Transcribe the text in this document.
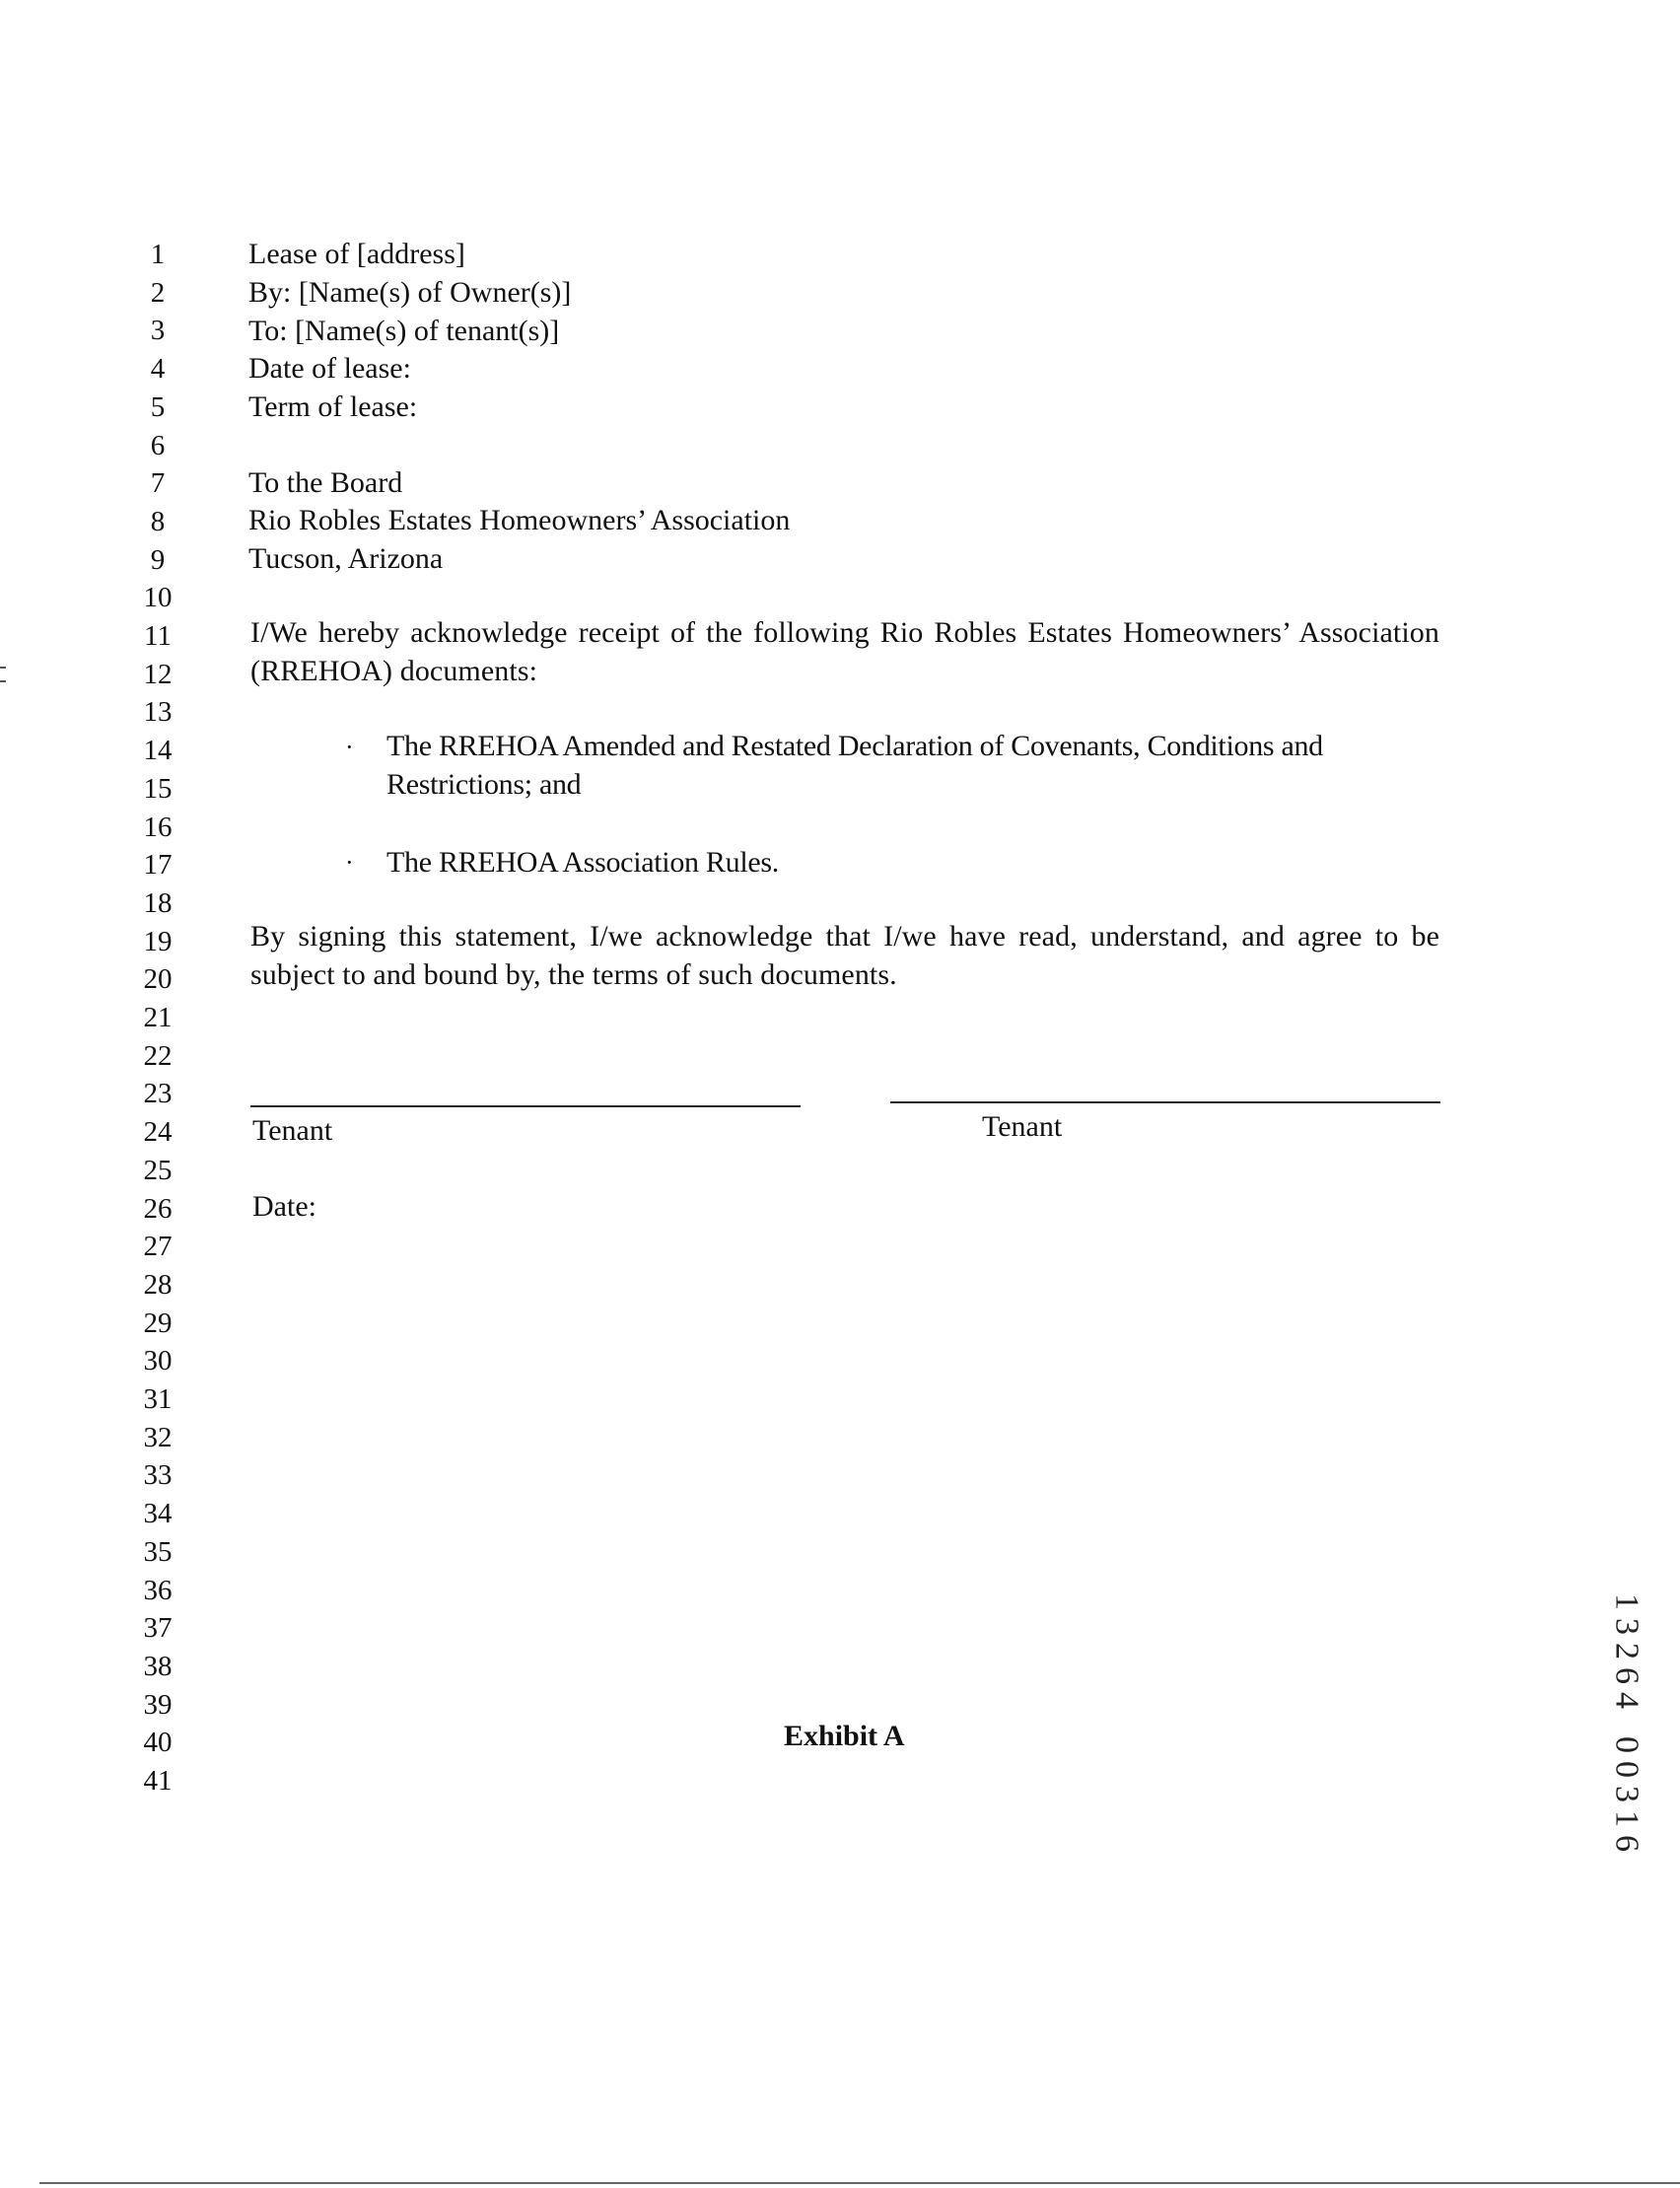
1
2
3
4
5
6
7
8
9
10
11
12
13
14
15
16
17
18
19
20
21
22
23
24
25
26
27
28
29
30
31
32
33
34
35
36
37
38
39
40
41
Lease of [address]
By: [Name(s) of Owner(s)]
To: [Name(s) of tenant(s)]
Date of lease:
Term of lease:
To the Board
Rio Robles Estates Homeowners’ Association
Tucson, Arizona
I/We hereby acknowledge receipt of the following Rio Robles Estates Homeowners’ Association (RREHOA) documents:
· The RREHOA Amended and Restated Declaration of Covenants, Conditions and Restrictions; and
· The RREHOA Association Rules.
By signing this statement, I/we acknowledge that I/we have read, understand, and agree to be subject to and bound by, the terms of such documents.
Tenant	Tenant
Date:
Exhibit A
1
3
2
6
4
0
0
3
1
6
